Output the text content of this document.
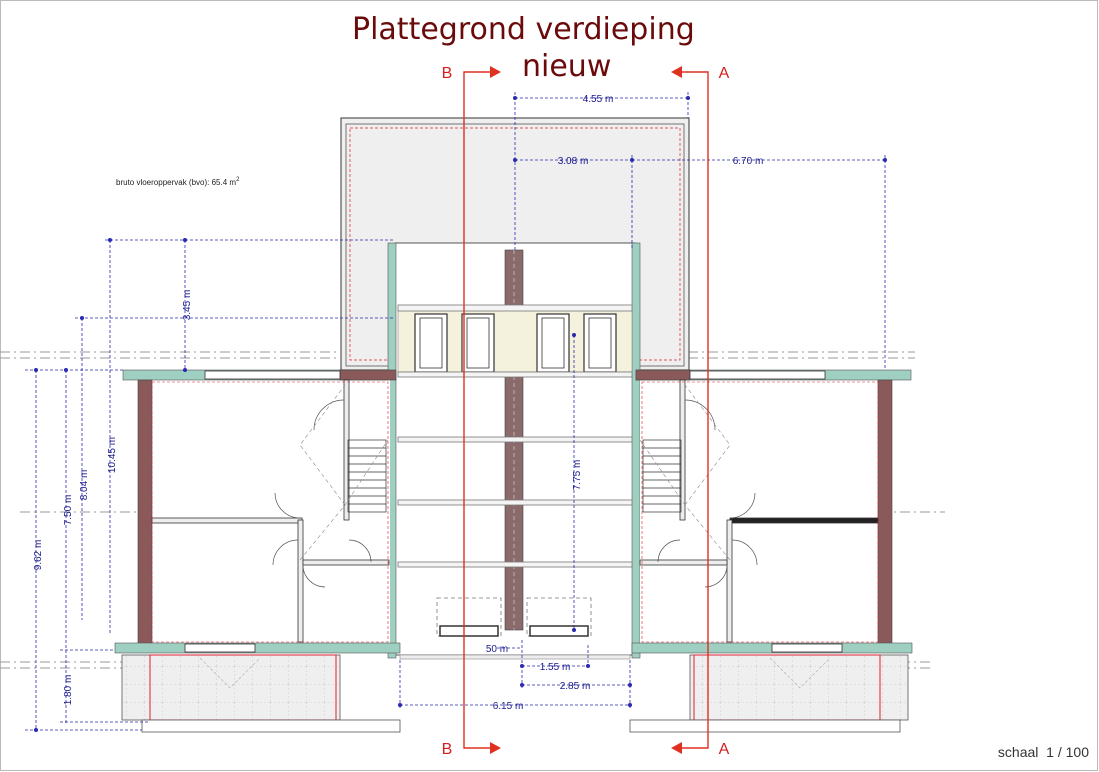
4.55 m
3.08 m	6.70 m
3.45 m
10.45 m
8.04 m
7.50 m
9.62 m
1.80 m
7.75 m
50 m
1.55 m
2.85 m
6.15 m
bruto vloeroppervak (bvo): 65.4 $m^2$
B
B
A
A
Plattegrond verdieping
nieuw
schaal 1 / 100
